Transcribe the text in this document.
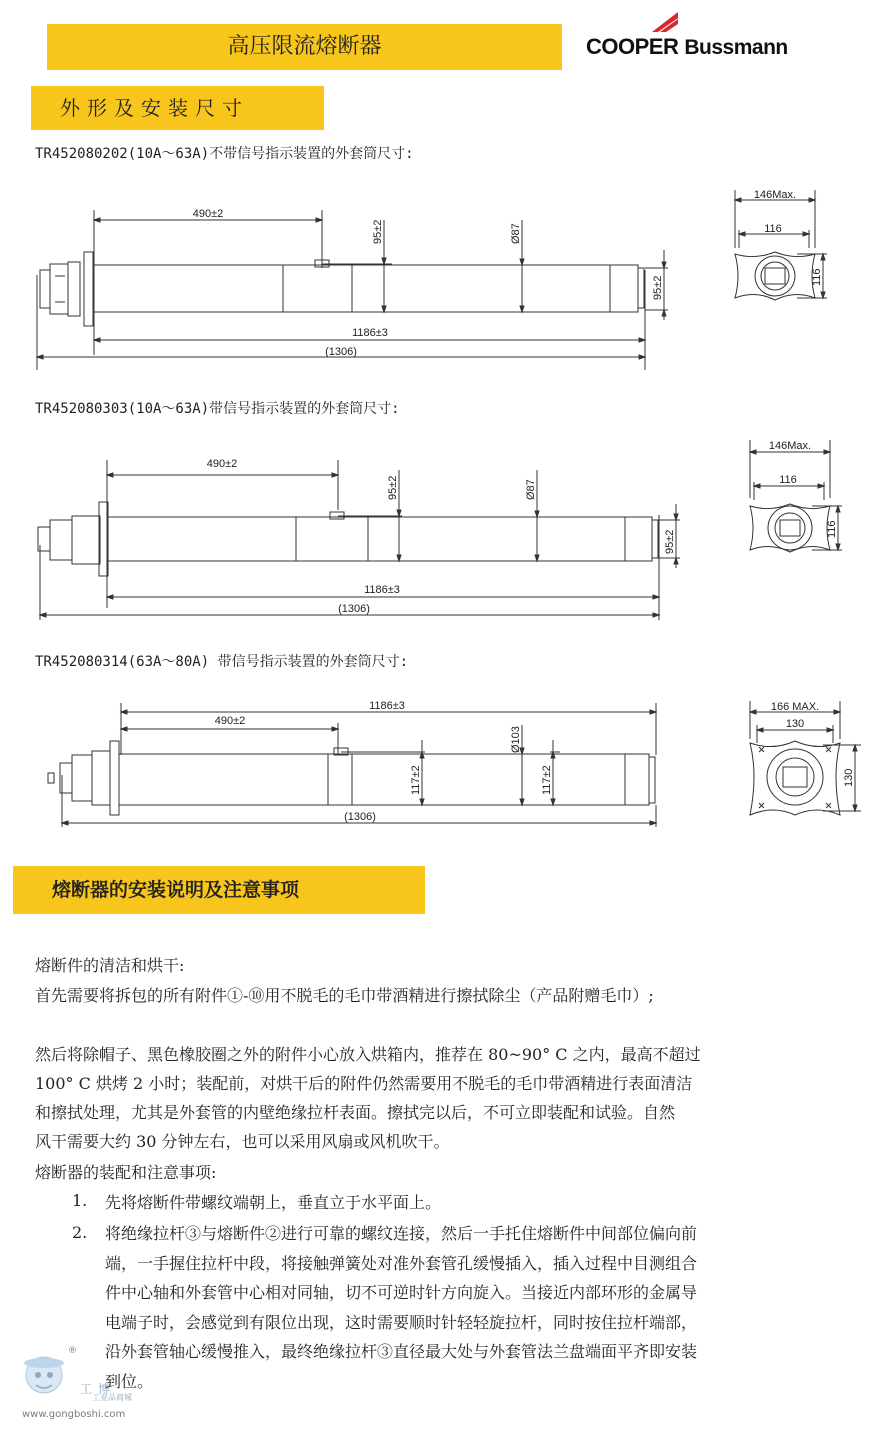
高压限流熔断器	COOPER Bussmann
外形及安装尺寸
TR452080202(10A～63A)不带信号指示装置的外套筒尺寸:
TR452080303(10A～63A)带信号指示装置的外套筒尺寸:
TR452080314(63A～80A) 带信号指示装置的外套筒尺寸:
490±2
95±2	Ø87
95±2
1186±3
(1306)
146Max.
116
116
490±2
95±2	Ø87
95±2
1186±3
(1306)
146Max.
116
116
1186±3
490±2
117±2
Ø103
117±2
(1306)
166 MAX.
130
130
熔断器的安装说明及注意事项
熔断件的清洁和烘干:
首先需要将拆包的所有附件①-⑩用不脱毛的毛巾带酒精进行擦拭除尘（产品附赠毛巾）;
然后将除帽子、黑色橡胶圈之外的附件小心放入烘箱内，推荐在 80~90° C 之内，最高不超过
100° C 烘烤 2 小时；装配前，对烘干后的附件仍然需要用不脱毛的毛巾带酒精进行表面清洁
和擦拭处理，尤其是外套管的内壁绝缘拉杆表面。擦拭完以后，不可立即装配和试验。自然
风干需要大约 30 分钟左右，也可以采用风扇或风机吹干。
熔断器的装配和注意事项:
1. 先将熔断件带螺纹端朝上，垂直立于水平面上。
2. 将绝缘拉杆③与熔断件②进行可靠的螺纹连接，然后一手托住熔断件中间部位偏向前
端，一手握住拉杆中段，将接触弹簧处对准外套管孔缓慢插入，插入过程中目测组合
件中心轴和外套管中心相对同轴，切不可逆时针方向旋入。当接近内部环形的金属导
电端子时，会感觉到有限位出现，这时需要顺时针轻轻旋拉杆，同时按住拉杆端部，
沿外套管轴心缓慢推入，最终绝缘拉杆③直径最大处与外套管法兰盘端面平齐即安装
到位。
®
工博
工业品商城
www.gongboshi.com
